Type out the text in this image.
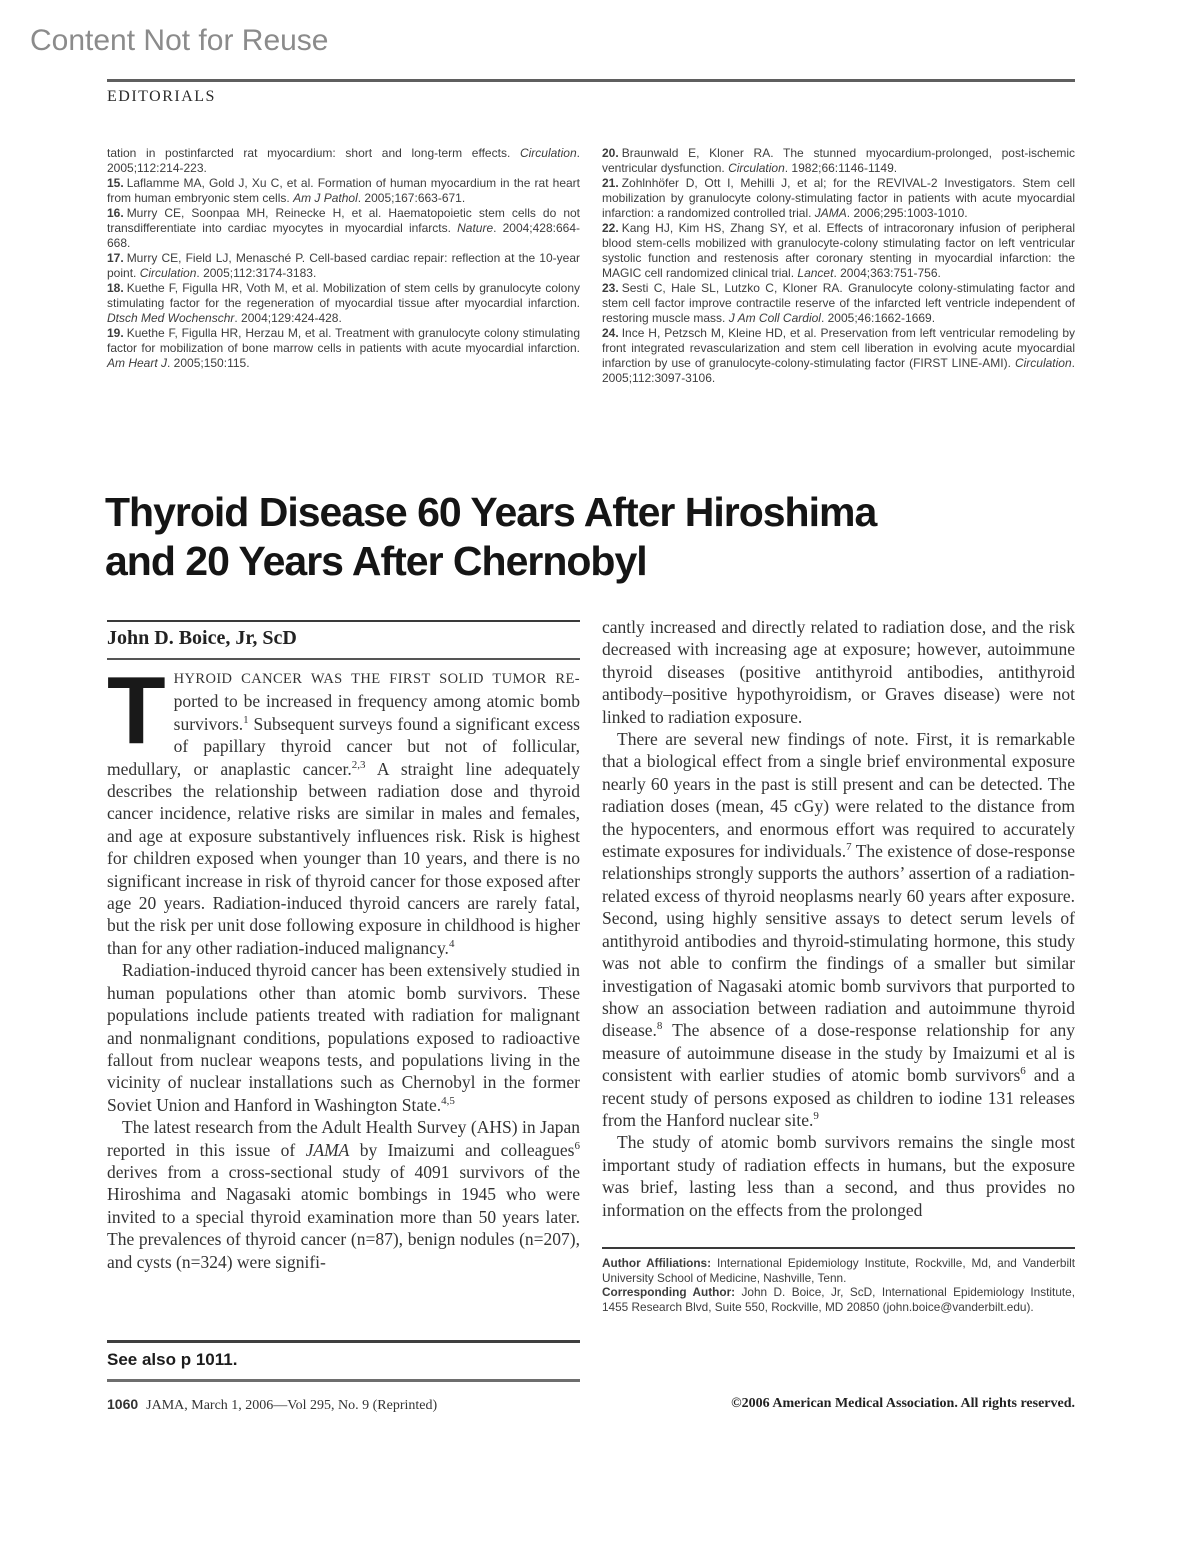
Content Not for Reuse
EDITORIALS

tation in postinfarcted rat myocardium: short and long-term effects. Circulation. 2005;112:214-223.

15. Laflamme MA, Gold J, Xu C, et al. Formation of human myocardium in the rat heart from human embryonic stem cells. Am J Pathol. 2005;167:663-671.

16. Murry CE, Soonpaa MH, Reinecke H, et al. Haematopoietic stem cells do not transdifferentiate into cardiac myocytes in myocardial infarcts. Nature. 2004;428:664-668.

17. Murry CE, Field LJ, Menasché P. Cell-based cardiac repair: reflection at the 10-year point. Circulation. 2005;112:3174-3183.

18. Kuethe F, Figulla HR, Voth M, et al. Mobilization of stem cells by granulocyte colony stimulating factor for the regeneration of myocardial tissue after myocardial infarction. Dtsch Med Wochenschr. 2004;129:424-428.

19. Kuethe F, Figulla HR, Herzau M, et al. Treatment with granulocyte colony stimulating factor for mobilization of bone marrow cells in patients with acute myocardial infarction. Am Heart J. 2005;150:115.

20. Braunwald E, Kloner RA. The stunned myocardium-prolonged, post-ischemic ventricular dysfunction. Circulation. 1982;66:1146-1149.

21. Zohlnhöfer D, Ott I, Mehilli J, et al; for the REVIVAL-2 Investigators. Stem cell mobilization by granulocyte colony-stimulating factor in patients with acute myocardial infarction: a randomized controlled trial. JAMA. 2006;295:1003-1010.

22. Kang HJ, Kim HS, Zhang SY, et al. Effects of intracoronary infusion of peripheral blood stem-cells mobilized with granulocyte-colony stimulating factor on left ventricular systolic function and restenosis after coronary stenting in myocardial infarction: the MAGIC cell randomized clinical trial. Lancet. 2004;363:751-756.

23. Sesti C, Hale SL, Lutzko C, Kloner RA. Granulocyte colony-stimulating factor and stem cell factor improve contractile reserve of the infarcted left ventricle independent of restoring muscle mass. J Am Coll Cardiol. 2005;46:1662-1669.

24. Ince H, Petzsch M, Kleine HD, et al. Preservation from left ventricular remodeling by front integrated revascularization and stem cell liberation in evolving acute myocardial infarction by use of granulocyte-colony-stimulating factor (FIRST LINE-AMI). Circulation. 2005;112:3097-3106.

Thyroid Disease 60 Years After Hiroshima
and 20 Years After Chernobyl
John D. Boice, Jr, ScD

THYROID CANCER WAS THE FIRST SOLID TUMOR RE-ported to be increased in frequency among atomic bomb survivors.$^1$ Subsequent surveys found a significant excess of papillary thyroid cancer but not of follicular, medullary, or anaplastic cancer.$^{2,3}$ A straight line adequately describes the relationship between radiation dose and thyroid cancer incidence, relative risks are similar in males and females, and age at exposure substantively influences risk. Risk is highest for children exposed when younger than 10 years, and there is no significant increase in risk of thyroid cancer for those exposed after age 20 years. Radiation-induced thyroid cancers are rarely fatal, but the risk per unit dose following exposure in childhood is higher than for any other radiation-induced malignancy.$^4$

Radiation-induced thyroid cancer has been extensively studied in human populations other than atomic bomb survivors. These populations include patients treated with radiation for malignant and nonmalignant conditions, populations exposed to radioactive fallout from nuclear weapons tests, and populations living in the vicinity of nuclear installations such as Chernobyl in the former Soviet Union and Hanford in Washington State.$^{4,5}$

The latest research from the Adult Health Survey (AHS) in Japan reported in this issue of JAMA by Imaizumi and colleagues$^6$ derives from a cross-sectional study of 4091 survivors of the Hiroshima and Nagasaki atomic bombings in 1945 who were invited to a special thyroid examination more than 50 years later. The prevalences of thyroid cancer (n=87), benign nodules (n=207), and cysts (n=324) were signifi-

cantly increased and directly related to radiation dose, and the risk decreased with increasing age at exposure; however, autoimmune thyroid diseases (positive antithyroid antibodies, antithyroid antibody–positive hypothyroidism, or Graves disease) were not linked to radiation exposure.

There are several new findings of note. First, it is remarkable that a biological effect from a single brief environmental exposure nearly 60 years in the past is still present and can be detected. The radiation doses (mean, 45 cGy) were related to the distance from the hypocenters, and enormous effort was required to accurately estimate exposures for individuals.$^7$ The existence of dose-response relationships strongly supports the authors’ assertion of a radiation-related excess of thyroid neoplasms nearly 60 years after exposure. Second, using highly sensitive assays to detect serum levels of antithyroid antibodies and thyroid-stimulating hormone, this study was not able to confirm the findings of a smaller but similar investigation of Nagasaki atomic bomb survivors that purported to show an association between radiation and autoimmune thyroid disease.$^8$ The absence of a dose-response relationship for any measure of autoimmune disease in the study by Imaizumi et al is consistent with earlier studies of atomic bomb survivors$^6$ and a recent study of persons exposed as children to iodine 131 releases from the Hanford nuclear site.$^9$

The study of atomic bomb survivors remains the single most important study of radiation effects in humans, but the exposure was brief, lasting less than a second, and thus provides no information on the effects from the prolonged

Author Affiliations: International Epidemiology Institute, Rockville, Md, and Vanderbilt University School of Medicine, Nashville, Tenn.

Corresponding Author: John D. Boice, Jr, ScD, International Epidemiology Institute, 1455 Research Blvd, Suite 550, Rockville, MD 20850 (john.boice@vanderbilt.edu).

See also p 1011.
1060 JAMA, March 1, 2006—Vol 295, No. 9 (Reprinted)	©2006 American Medical Association. All rights reserved.
